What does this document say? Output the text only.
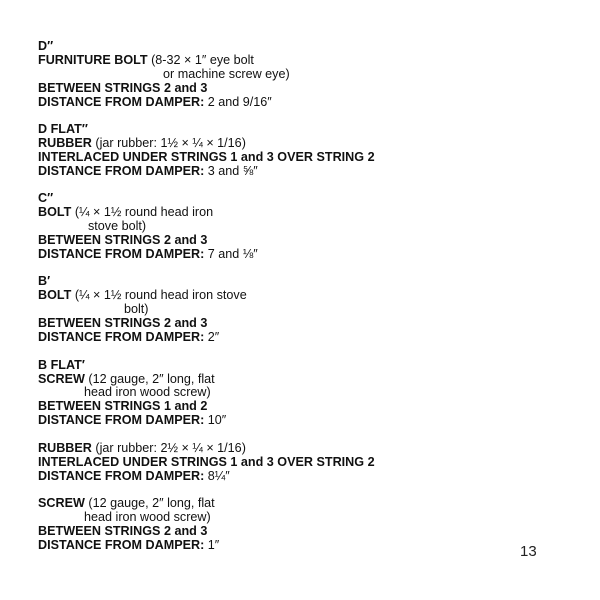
D″
FURNITURE BOLT (8-32 × 1″ eye bolt
or machine screw eye)
BETWEEN STRINGS 2 and 3
DISTANCE FROM DAMPER: 2 and 9/16″
D FLAT″
RUBBER (jar rubber: 1½ × ¼ × 1/16)
INTERLACED UNDER STRINGS 1 and 3 OVER STRING 2
DISTANCE FROM DAMPER: 3 and ⅝″
C″
BOLT (¼ × 1½ round head iron
stove bolt)
BETWEEN STRINGS 2 and 3
DISTANCE FROM DAMPER: 7 and ⅛″
B′
BOLT (¼ × 1½ round head iron stove
bolt)
BETWEEN STRINGS 2 and 3
DISTANCE FROM DAMPER: 2″
B FLAT′
SCREW (12 gauge, 2″ long, flat
head iron wood screw)
BETWEEN STRINGS 1 and 2
DISTANCE FROM DAMPER: 10″
RUBBER (jar rubber: 2½ × ¼ × 1/16)
INTERLACED UNDER STRINGS 1 and 3 OVER STRING 2
DISTANCE FROM DAMPER: 8¼″
SCREW (12 gauge, 2″ long, flat
head iron wood screw)
BETWEEN STRINGS 2 and 3
DISTANCE FROM DAMPER: 1″	13
